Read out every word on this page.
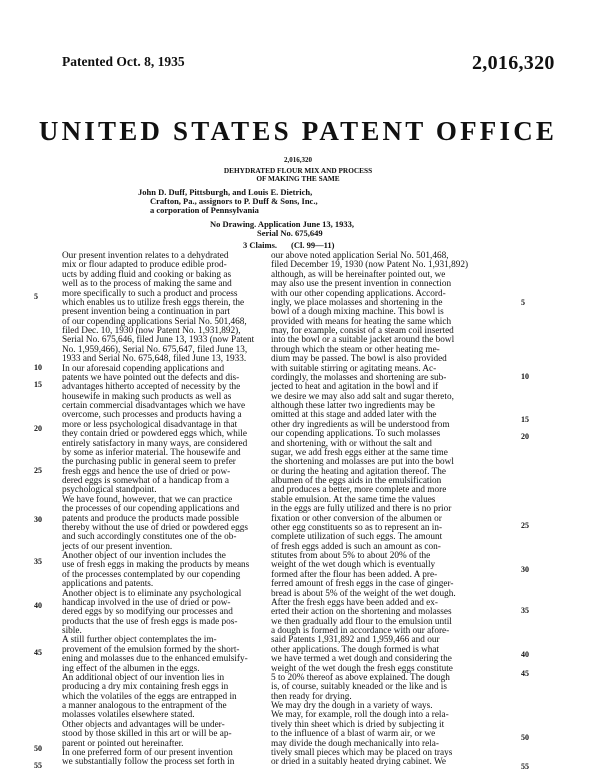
Patented Oct. 8, 1935	2,016,320
UNITED STATES PATENT OFFICE
2,016,320
DEHYDRATED FLOUR MIX AND PROCESS
OF MAKING THE SAME
John D. Duff, Pittsburgh, and Louis E. Dietrich,
Crafton, Pa., assignors to P. Duff & Sons, Inc.,
a corporation of Pennsylvania
No Drawing. Application June 13, 1933,
Serial No. 675,649
3 Claims. (Cl. 99—11)
Our present invention relates to a dehydrated
mix or flour adapted to produce edible prod-
ucts by adding fluid and cooking or baking as
well as to the process of making the same and
more specifically to such a product and process
which enables us to utilize fresh eggs therein, the
present invention being a continuation in part
of our copending applications Serial No. 501,468,
filed Dec. 10, 1930 (now Patent No. 1,931,892),
Serial No. 675,646, filed June 13, 1933 (now Patent
No. 1,959,466), Serial No. 675,647, filed June 13,
1933 and Serial No. 675,648, filed June 13, 1933.
In our aforesaid copending applications and
patents we have pointed out the defects and dis-
advantages hitherto accepted of necessity by the
housewife in making such products as well as
certain commercial disadvantages which we have
overcome, such processes and products having a
more or less psychological disadvantage in that
they contain dried or powdered eggs which, while
entirely satisfactory in many ways, are considered
by some as inferior material. The housewife and
the purchasing public in general seem to prefer
fresh eggs and hence the use of dried or pow-
dered eggs is somewhat of a handicap from a
psychological standpoint.
We have found, however, that we can practice
the processes of our copending applications and
patents and produce the products made possible
thereby without the use of dried or powdered eggs
and such accordingly constitutes one of the ob-
jects of our present invention.
Another object of our invention includes the
use of fresh eggs in making the products by means
of the processes contemplated by our copending
applications and patents.
Another object is to eliminate any psychological
handicap involved in the use of dried or pow-
dered eggs by so modifying our processes and
products that the use of fresh eggs is made pos-
sible.
A still further object contemplates the im-
provement of the emulsion formed by the short-
ening and molasses due to the enhanced emulsify-
ing effect of the albumen in the eggs.
An additional object of our invention lies in
producing a dry mix containing fresh eggs in
which the volatiles of the eggs are entrapped in
a manner analogous to the entrapment of the
molasses volatiles elsewhere stated.
Other objects and advantages will be under-
stood by those skilled in this art or will be ap-
parent or pointed out hereinafter.
In one preferred form of our present invention
we substantially follow the process set forth in
our above noted application Serial No. 501,468,
filed December 19, 1930 (now Patent No. 1,931,892)
although, as will be hereinafter pointed out, we
may also use the present invention in connection
with our other copending applications. Accord-
ingly, we place molasses and shortening in the
bowl of a dough mixing machine. This bowl is
provided with means for heating the same which
may, for example, consist of a steam coil inserted
into the bowl or a suitable jacket around the bowl
through which the steam or other heating me-
dium may be passed. The bowl is also provided
with suitable stirring or agitating means. Ac-
cordingly, the molasses and shortening are sub-
jected to heat and agitation in the bowl and if
we desire we may also add salt and sugar thereto,
although these latter two ingredients may be
omitted at this stage and added later with the
other dry ingredients as will be understood from
our copending applications. To such molasses
and shortening, with or without the salt and
sugar, we add fresh eggs either at the same time
the shortening and molasses are put into the bowl
or during the heating and agitation thereof. The
albumen of the eggs aids in the emulsification
and produces a better, more complete and more
stable emulsion. At the same time the values
in the eggs are fully utilized and there is no prior
fixation or other conversion of the albumen or
other egg constituents so as to represent an in-
complete utilization of such eggs. The amount
of fresh eggs added is such an amount as con-
stitutes from about 5% to about 20% of the
weight of the wet dough which is eventually
formed after the flour has been added. A pre-
ferred amount of fresh eggs in the case of ginger-
bread is about 5% of the weight of the wet dough.
After the fresh eggs have been added and ex-
erted their action on the shortening and molasses
we then gradually add flour to the emulsion until
a dough is formed in accordance with our afore-
said Patents 1,931,892 and 1,959,466 and our
other applications. The dough formed is what
we have termed a wet dough and considering the
weight of the wet dough the fresh eggs constitute
5 to 20% thereof as above explained. The dough
is, of course, suitably kneaded or the like and is
then ready for drying.
We may dry the dough in a variety of ways.
We may, for example, roll the dough into a rela-
tively thin sheet which is dried by subjecting it
to the influence of a blast of warm air, or we
may divide the dough mechanically into rela-
tively small pieces which may be placed on trays
or dried in a suitably heated drying cabinet. We
5
5
10
10
15
15
20
20
25
25
30
30
35
35
40
40
45
45
50
50
55	55
